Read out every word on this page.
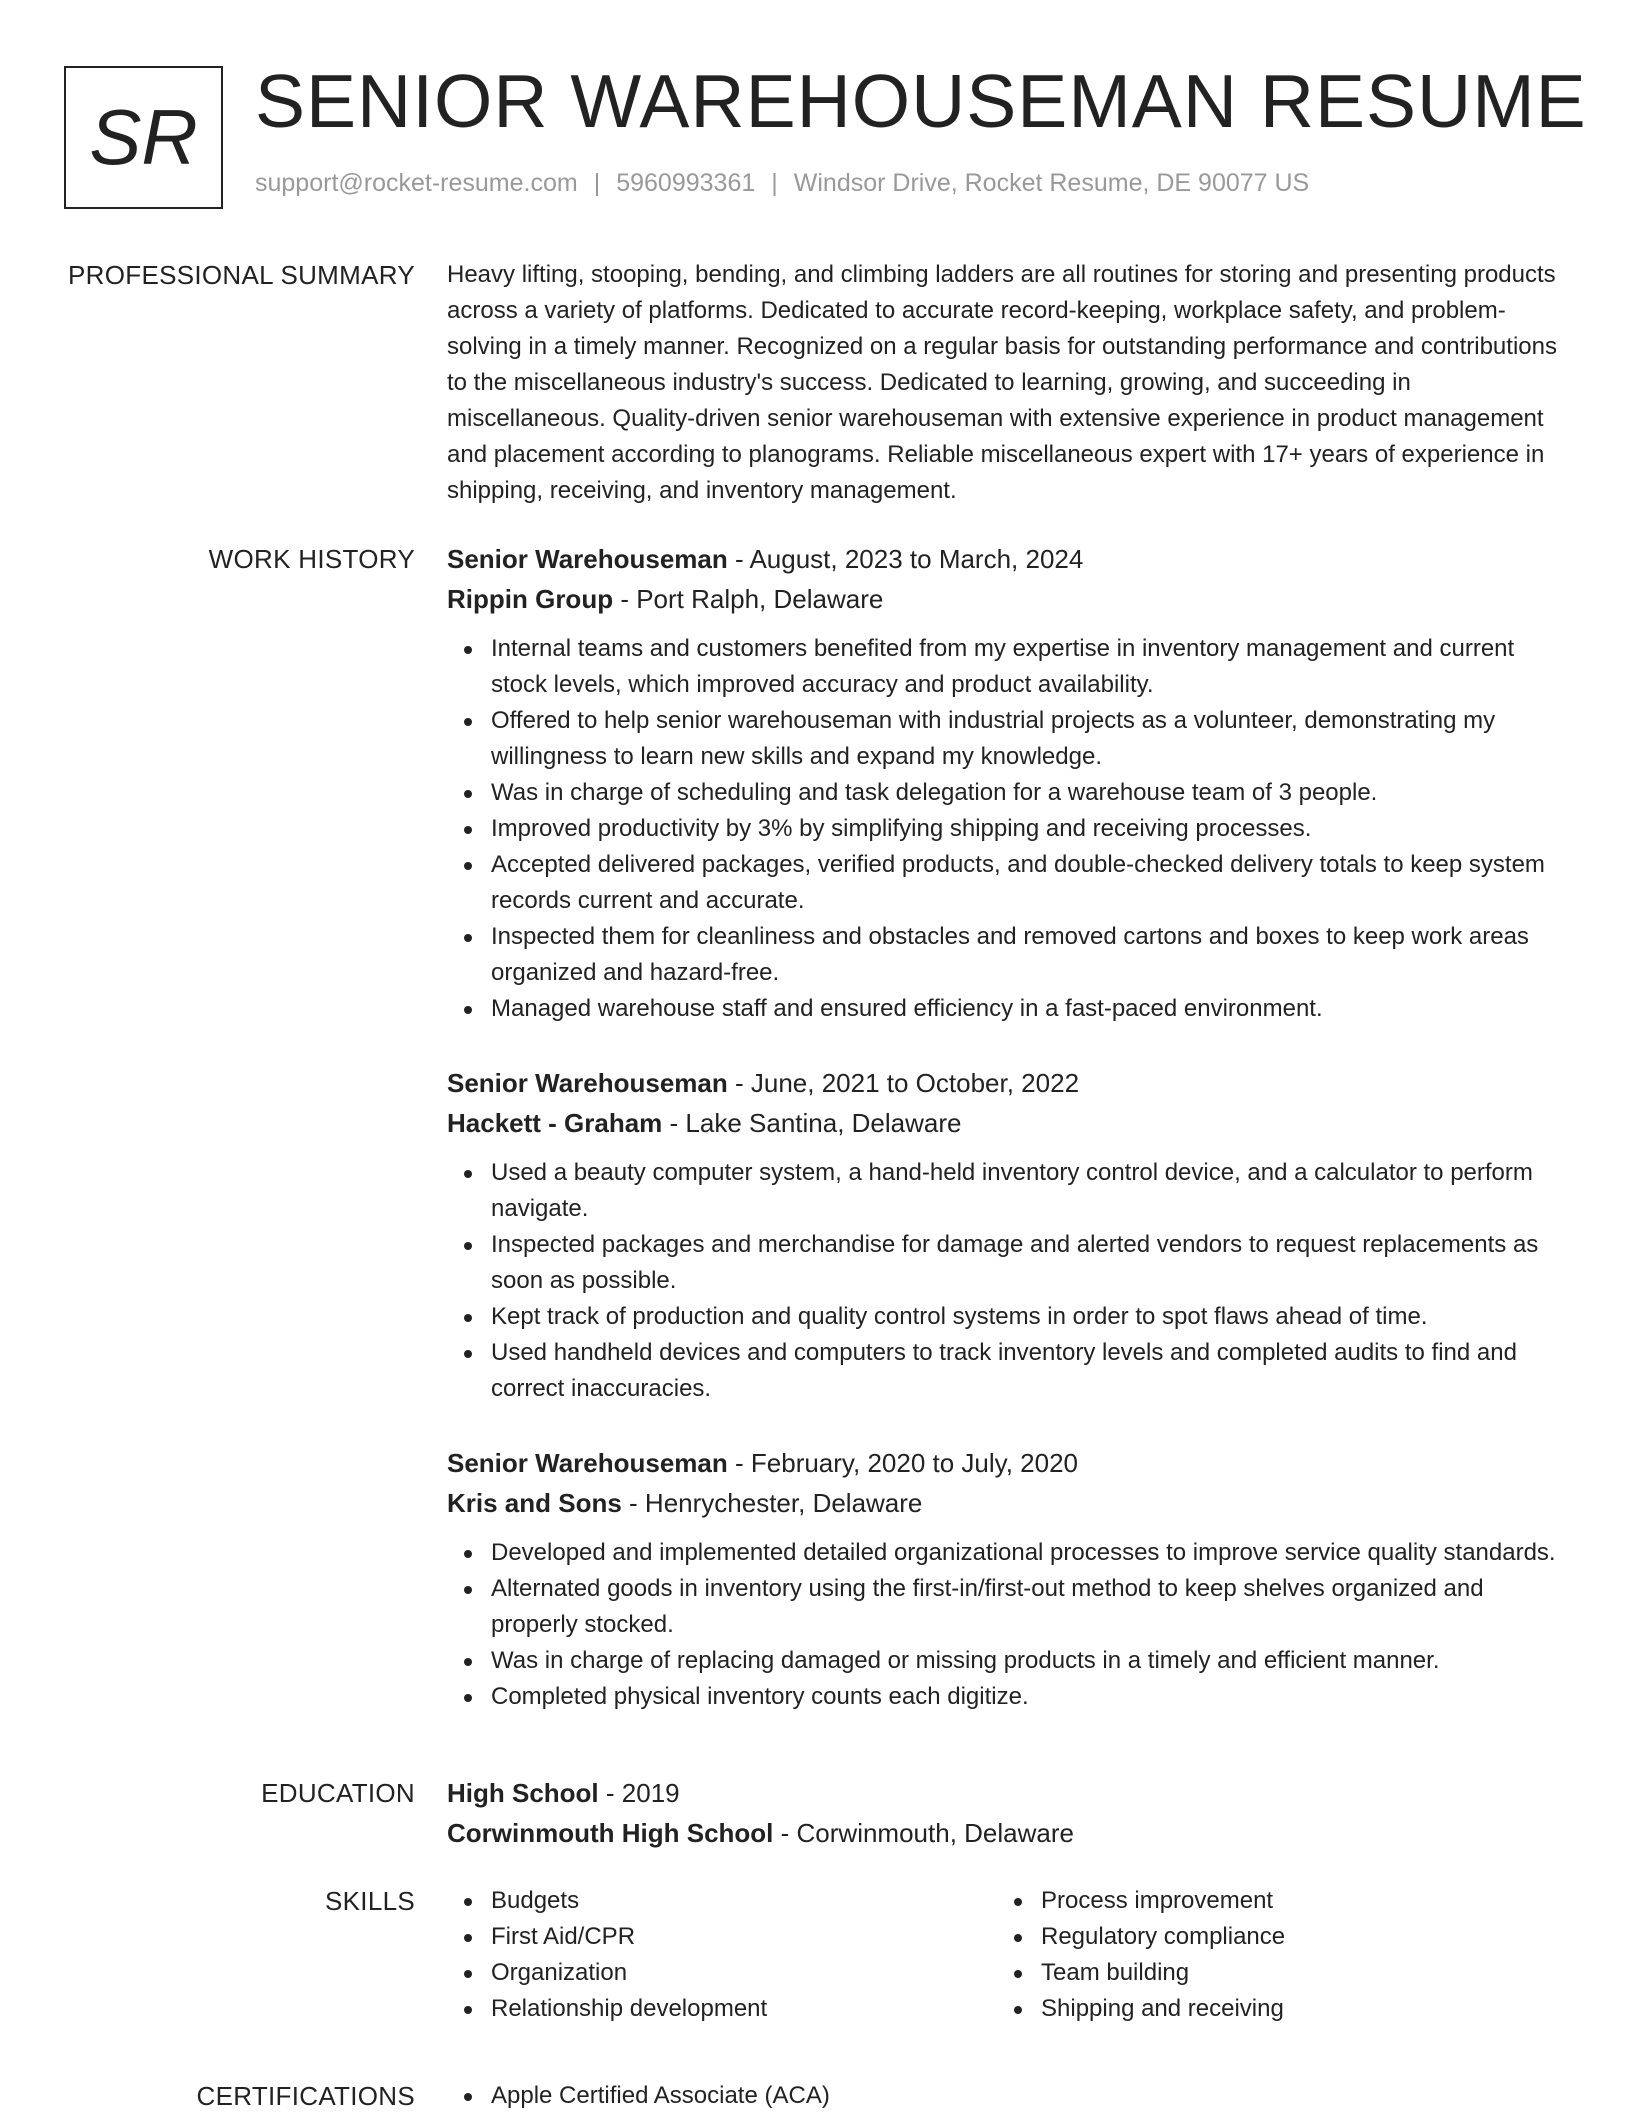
SR SENIOR WAREHOUSEMAN RESUME
support@rocket-resume.com | 5960993361 | Windsor Drive, Rocket Resume, DE 90077 US
PROFESSIONAL SUMMARY Heavy lifting, stooping, bending, and climbing ladders are all routines for storing and presenting products across a variety of platforms. Dedicated to accurate record-keeping, workplace safety, and problem-solving in a timely manner. Recognized on a regular basis for outstanding performance and contributions to the miscellaneous industry's success. Dedicated to learning, growing, and succeeding in miscellaneous. Quality-driven senior warehouseman with extensive experience in product management and placement according to planograms. Reliable miscellaneous expert with 17+ years of experience in shipping, receiving, and inventory management.
WORK HISTORY Senior Warehouseman - August, 2023 to March, 2024
Rippin Group - Port Ralph, Delaware
Internal teams and customers benefited from my expertise in inventory management and current stock levels, which improved accuracy and product availability.
Offered to help senior warehouseman with industrial projects as a volunteer, demonstrating my willingness to learn new skills and expand my knowledge.
Was in charge of scheduling and task delegation for a warehouse team of 3 people.
Improved productivity by 3% by simplifying shipping and receiving processes.
Accepted delivered packages, verified products, and double-checked delivery totals to keep system records current and accurate.
Inspected them for cleanliness and obstacles and removed cartons and boxes to keep work areas organized and hazard-free.
Managed warehouse staff and ensured efficiency in a fast-paced environment.
Senior Warehouseman - June, 2021 to October, 2022
Hackett - Graham - Lake Santina, Delaware
Used a beauty computer system, a hand-held inventory control device, and a calculator to perform navigate.
Inspected packages and merchandise for damage and alerted vendors to request replacements as soon as possible.
Kept track of production and quality control systems in order to spot flaws ahead of time.
Used handheld devices and computers to track inventory levels and completed audits to find and correct inaccuracies.
Senior Warehouseman - February, 2020 to July, 2020
Kris and Sons - Henrychester, Delaware
Developed and implemented detailed organizational processes to improve service quality standards.
Alternated goods in inventory using the first-in/first-out method to keep shelves organized and properly stocked.
Was in charge of replacing damaged or missing products in a timely and efficient manner.
Completed physical inventory counts each digitize.
EDUCATION High School - 2019
Corwinmouth High School - Corwinmouth, Delaware
SKILLS	Budgets	Process improvement
First Aid/CPR	Regulatory compliance
Organization	Team building
Relationship development	Shipping and receiving
CERTIFICATIONS	Apple Certified Associate (ACA)
